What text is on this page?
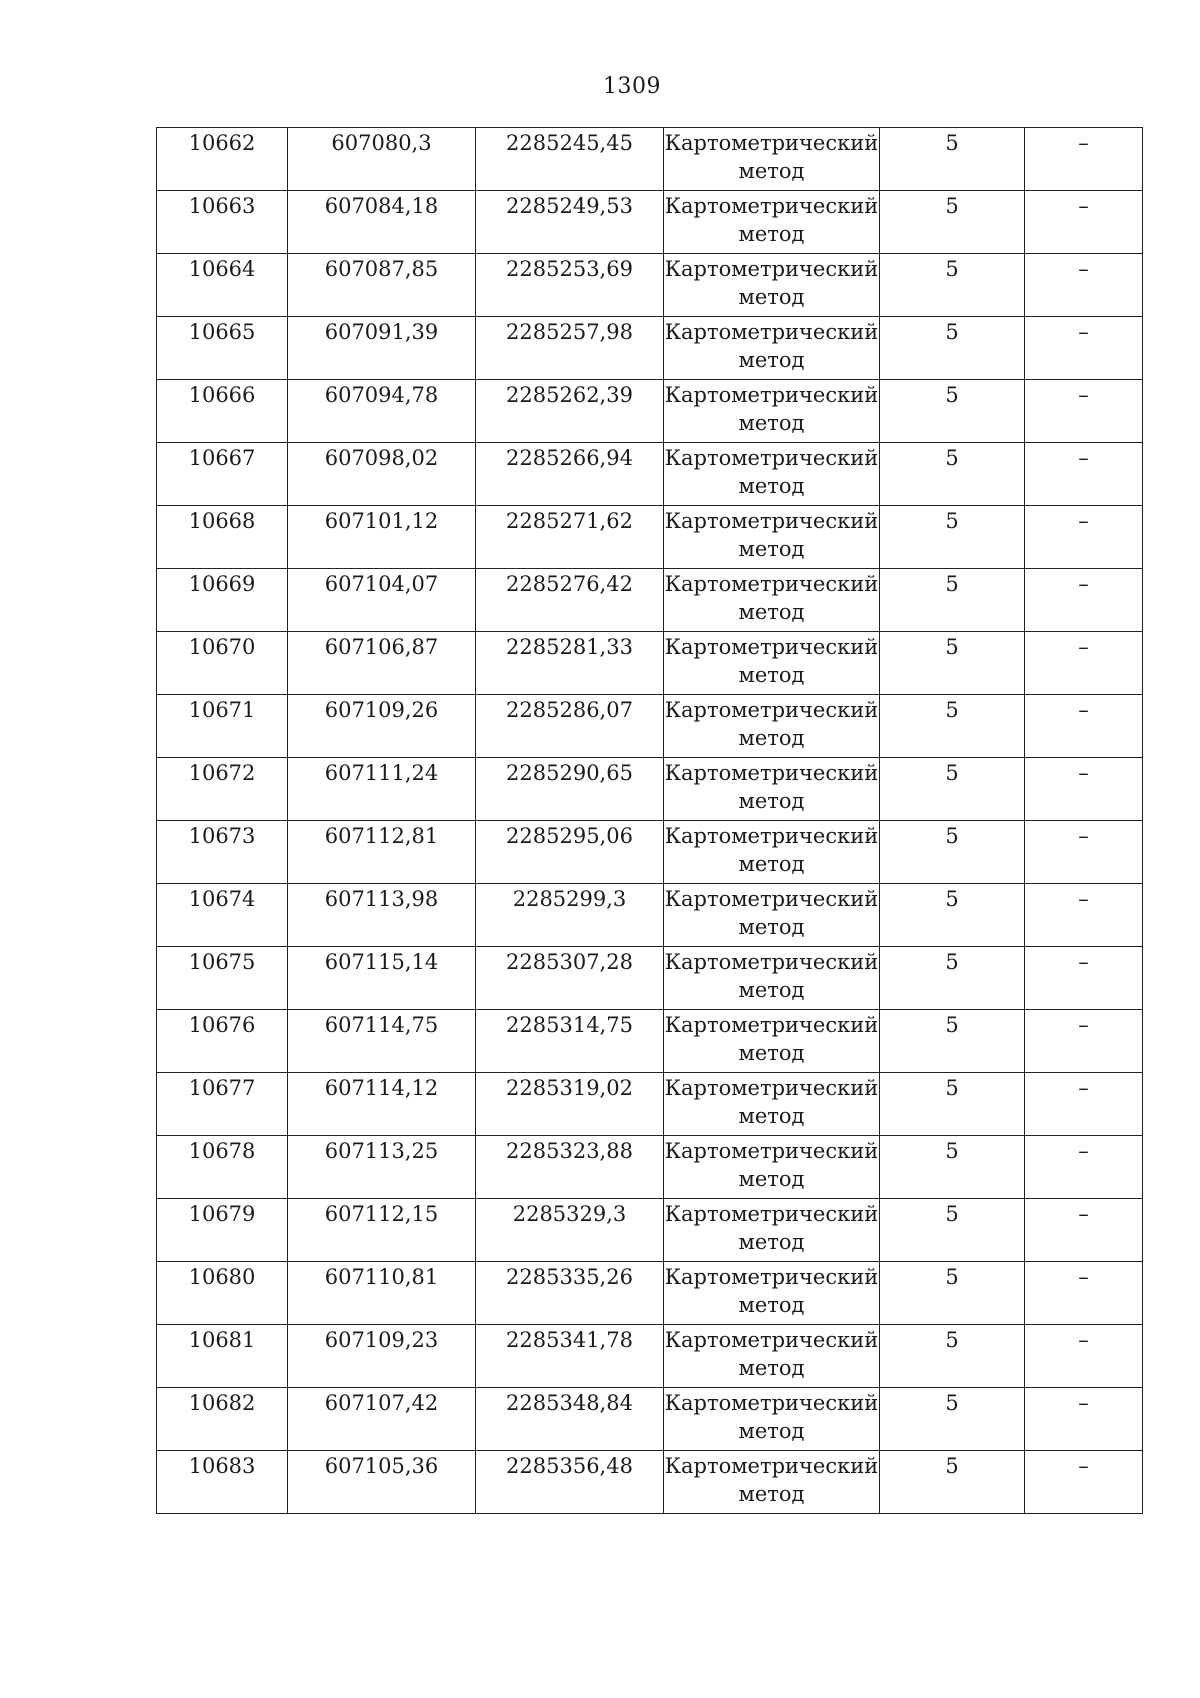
1309
10662	607080,3	2285245,45	Картометрический метод	5	–

10663	607084,18	2285249,53	Картометрический метод	5	–

10664	607087,85	2285253,69	Картометрический метод	5	–

10665	607091,39	2285257,98	Картометрический метод	5	–

10666	607094,78	2285262,39	Картометрический метод	5	–

10667	607098,02	2285266,94	Картометрический метод	5	–

10668	607101,12	2285271,62	Картометрический метод	5	–

10669	607104,07	2285276,42	Картометрический метод	5	–

10670	607106,87	2285281,33	Картометрический метод	5	–

10671	607109,26	2285286,07	Картометрический метод	5	–

10672	607111,24	2285290,65	Картометрический метод	5	–

10673	607112,81	2285295,06	Картометрический метод	5	–

10674	607113,98	2285299,3	Картометрический метод	5	–

10675	607115,14	2285307,28	Картометрический метод	5	–

10676	607114,75	2285314,75	Картометрический метод	5	–

10677	607114,12	2285319,02	Картометрический метод	5	–

10678	607113,25	2285323,88	Картометрический метод	5	–

10679	607112,15	2285329,3	Картометрический метод	5	–

10680	607110,81	2285335,26	Картометрический метод	5	–

10681	607109,23	2285341,78	Картометрический метод	5	–

10682	607107,42	2285348,84	Картометрический метод	5	–

10683	607105,36	2285356,48	Картометрический метод	5	–
